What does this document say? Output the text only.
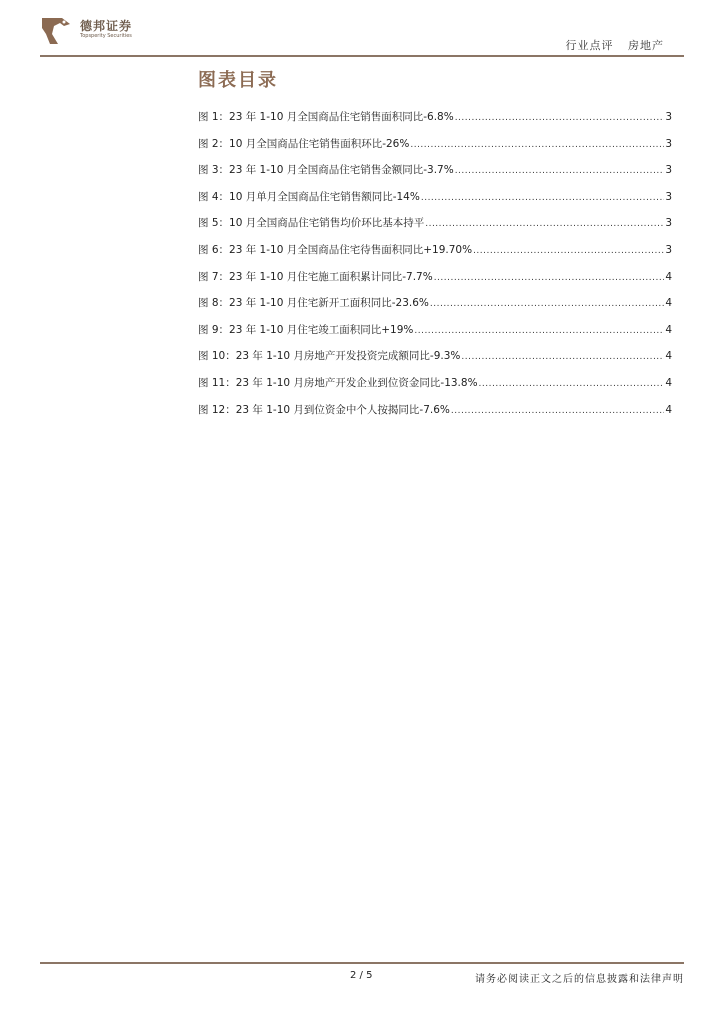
德邦证券
Topsperity Securities
行业点评 房地产
图表目录
图 1：23 年 1-10 月全国商品住宅销售面积同比-6.8% .....	3
图 2：10 月全国商品住宅销售面积环比-26% .....	3
图 3：23 年 1-10 月全国商品住宅销售金额同比-3.7% .....	3
图 4：10 月单月全国商品住宅销售额同比-14% .....	3
图 5：10 月全国商品住宅销售均价环比基本持平 .....	3
图 6：23 年 1-10 月全国商品住宅待售面积同比+19.70% .....	3
图 7：23 年 1-10 月住宅施工面积累计同比-7.7% .....	4
图 8：23 年 1-10 月住宅新开工面积同比-23.6% .....	4
图 9：23 年 1-10 月住宅竣工面积同比+19% .....	4
图 10：23 年 1-10 月房地产开发投资完成额同比-9.3% .....	4
图 11：23 年 1-10 月房地产开发企业到位资金同比-13.8% .....	4
图 12：23 年 1-10 月到位资金中个人按揭同比-7.6% .....	4
2 / 5	请务必阅读正文之后的信息披露和法律声明
